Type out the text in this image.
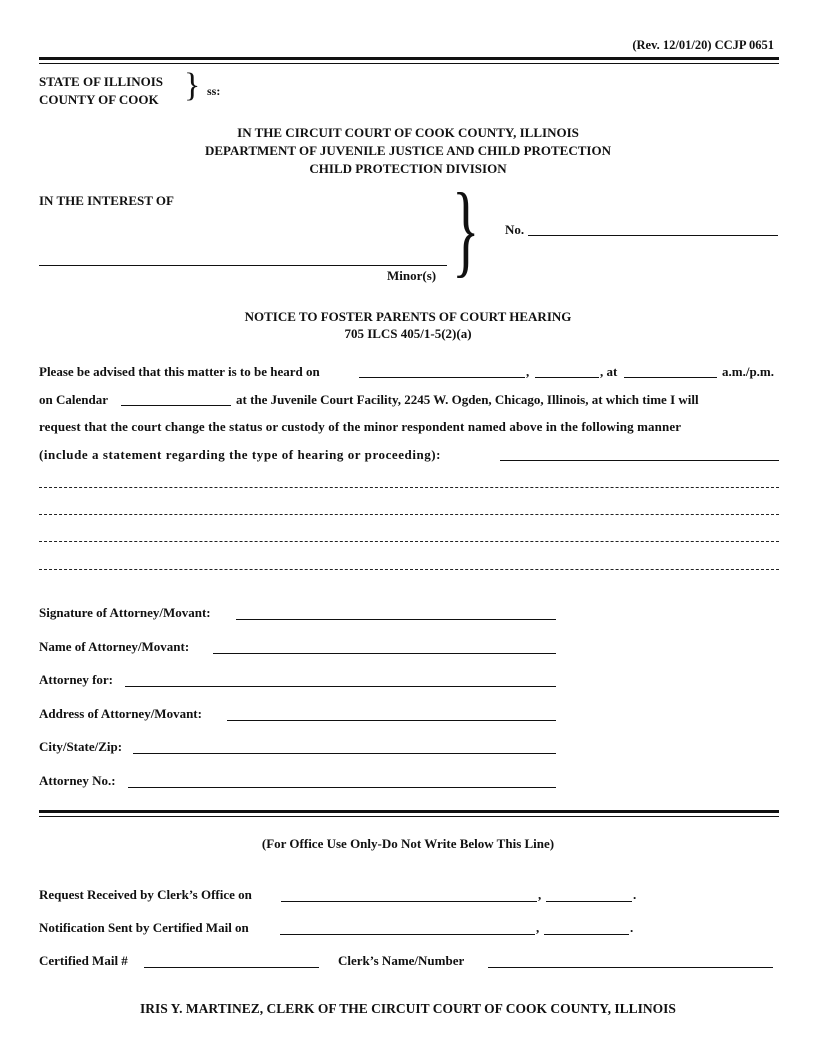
(Rev. 12/01/20) CCJP 0651
STATE OF ILLINOIS
COUNTY OF COOK } ss:
IN THE CIRCUIT COURT OF COOK COUNTY, ILLINOIS
DEPARTMENT OF JUVENILE JUSTICE AND CHILD PROTECTION
CHILD PROTECTION DIVISION
IN THE INTEREST OF
Minor(s) } No.
NOTICE TO FOSTER PARENTS OF COURT HEARING
705 ILCS 405/1-5(2)(a)
Please be advised that this matter is to be heard on	,	, at	a.m./p.m.
on Calendar	at the Juvenile Court Facility, 2245 W. Ogden, Chicago, Illinois, at which time I will
request that the court change the status or custody of the minor respondent named above in the following manner
(include a statement regarding the type of hearing or proceeding):
Signature of Attorney/Movant:
Name of Attorney/Movant:
Attorney for:
Address of Attorney/Movant:
City/State/Zip:
Attorney No.:
(For Office Use Only-Do Not Write Below This Line)
Request Received by Clerk’s Office on	,	.
Notification Sent by Certified Mail on	,	.
Certified Mail #	Clerk’s Name/Number
IRIS Y. MARTINEZ, CLERK OF THE CIRCUIT COURT OF COOK COUNTY, ILLINOIS
